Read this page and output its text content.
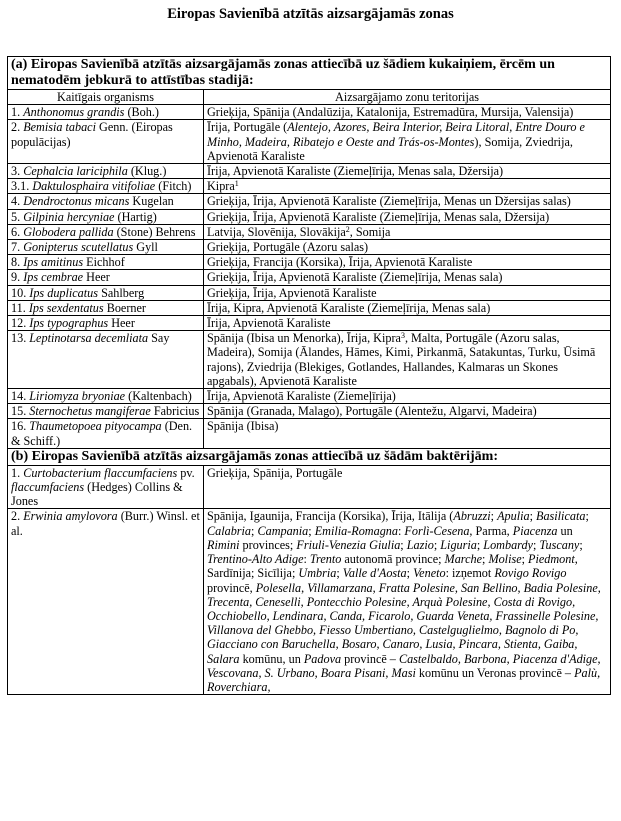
Eiropas Savienībā atzītās aizsargājamās zonas
(a) Eiropas Savienībā atzītās aizsargājamās zonas attiecībā uz šādiem kukaiņiem, ērcēm un nematodēm jebkurā to attīstības stadijā:	
Kaitīgais organisms	Aizsargājamo zonu teritorijas
1. Anthonomus grandis (Boh.)	Grieķija, Spānija (Andalūzija, Katalonija, Estremadūra, Mursija, Valensija)
2. Bemisia tabaci Genn. (Eiropas populācijas)	Īrija, Portugāle (Alentejo, Azores, Beira Interior, Beira Litoral, Entre Douro e Minho, Madeira, Ribatejo e Oeste and Trás-os-Montes), Somija, Zviedrija, Apvienotā Karaliste
3. Cephalcia lariciphila (Klug.)	Īrija, Apvienotā Karaliste (Ziemeļīrija, Menas sala, Džersija)
3.1. Daktulosphaira vitifoliae (Fitch)	Kipra$^1$
4. Dendroctonus micans Kugelan	Grieķija, Īrija, Apvienotā Karaliste (Ziemeļīrija, Menas un Džersijas salas)
5. Gilpinia hercyniae (Hartig)	Grieķija, Īrija, Apvienotā Karaliste (Ziemeļīrija, Menas sala, Džersija)
6. Globodera pallida (Stone) Behrens	Latvija, Slovēnija, Slovākija$^2$, Somija
7. Gonipterus scutellatus Gyll	Grieķija, Portugāle (Azoru salas)
8. Ips amitinus Eichhof	Grieķija, Francija (Korsika), Īrija, Apvienotā Karaliste
9. Ips cembrae Heer	Grieķija, Īrija, Apvienotā Karaliste (Ziemeļīrija, Menas sala)
10. Ips duplicatus Sahlberg	Grieķija, Īrija, Apvienotā Karaliste
11. Ips sexdentatus Boerner	Īrija, Kipra, Apvienotā Karaliste (Ziemeļīrija, Menas sala)
12. Ips typographus Heer	Īrija, Apvienotā Karaliste
13. Leptinotarsa decemliata Say	Spānija (Ibisa un Menorka), Īrija, Kipra$^3$, Malta, Portugāle (Azoru salas, Madeira), Somija (Ālandes, Hāmes, Kimi, Pirkanmā, Satakuntas, Turku, Ūsimā rajons), Zviedrija (Blekiges, Gotlandes, Hallandes, Kalmaras un Skones apgabals), Apvienotā Karaliste
14. Liriomyza bryoniae (Kaltenbach)	Īrija, Apvienotā Karaliste (Ziemeļīrija)
15. Sternochetus mangiferae Fabricius	Spānija (Granada, Malago), Portugāle (Alentežu, Algarvi, Madeira)
16. Thaumetopoea pityocampa (Den. & Schiff.)	Spānija (Ibisa)
(b) Eiropas Savienībā atzītās aizsargājamās zonas attiecībā uz šādām baktērijām:	
1. Curtobacterium flaccumfaciens pv. flaccumfaciens (Hedges) Collins & Jones	Grieķija, Spānija, Portugāle
2. Erwinia amylovora (Burr.) Winsl. et al.	Spānija, Igaunija, Francija (Korsika), Īrija, Itālija (Abruzzi; Apulia; Basilicata; Calabria; Campania; Emilia-Romagna: Forlì-Cesena, Parma, Piacenza un Rimini provinces; Friuli-Venezia Giulia; Lazio; Liguria; Lombardy; Tuscany; Trentino-Alto Adige: Trento autonomā province; Marche; Molise; Piedmont, Sardīnija; Sicīlija; Umbria; Valle d'Aosta; Veneto: izņemot Rovigo Rovigo provincē, Polesella, Villamarzana, Fratta Polesine, San Bellino, Badia Polesine, Trecenta, Ceneselli, Pontecchio Polesine, Arquà Polesine, Costa di Rovigo, Occhiobello, Lendinara, Canda, Ficarolo, Guarda Veneta, Frassinelle Polesine, Villanova del Ghebbo, Fiesso Umbertiano, Castelguglielmo, Bagnolo di Po, Giacciano con Baruchella, Bosaro, Canaro, Lusia, Pincara, Stienta, Gaiba, Salara komūnu, un Padova provincē – Castelbaldo, Barbona, Piacenza d'Adige, Vescovana, S. Urbano, Boara Pisani, Masi komūnu un Veronas provincē – Palù, Roverchiara,
